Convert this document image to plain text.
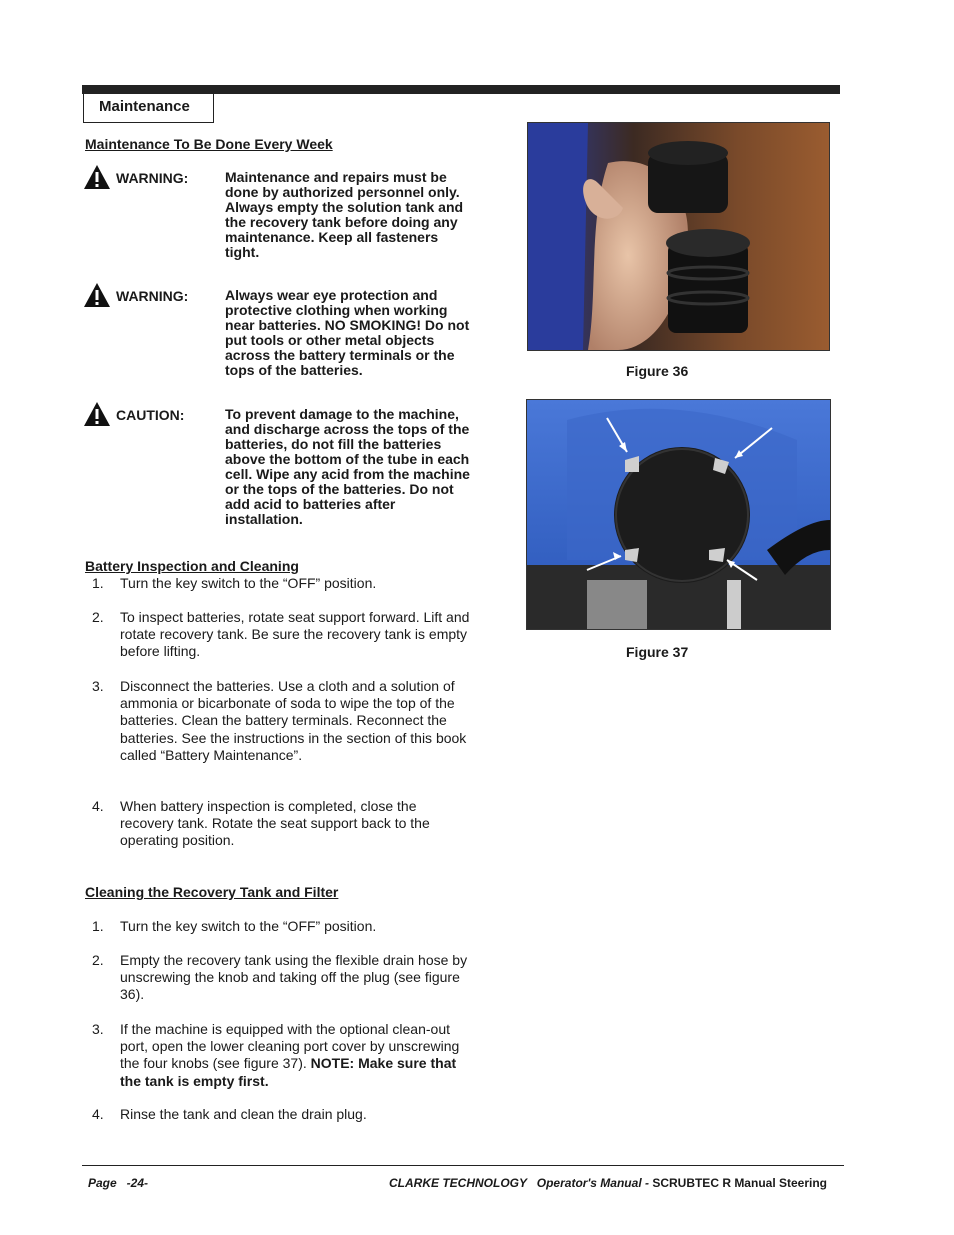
Maintenance
Maintenance To Be Done Every Week
WARNING:	Maintenance and repairs must be done by authorized personnel only. Always empty the solution tank and the recovery tank before doing any maintenance. Keep all fasteners tight.
WARNING:	Always wear eye protection and protective clothing when working near batteries. NO SMOKING! Do not put tools or other metal objects across the battery terminals or the tops of the batteries.
CAUTION:	To prevent damage to the machine, and discharge across the tops of the batteries, do not fill the batteries above the bottom of the tube in each cell. Wipe any acid from the machine or the tops of the batteries. Do not add acid to batteries after installation.
Battery Inspection and Cleaning
1. Turn the key switch to the “OFF” position.
2. To inspect batteries, rotate seat support forward. Lift and rotate recovery tank. Be sure the recovery tank is empty before lifting.
3. Disconnect the batteries. Use a cloth and a solution of ammonia or bicarbonate of soda to wipe the top of the batteries. Clean the battery terminals. Reconnect the batteries. See the instructions in the section of this book called “Battery Maintenance”.
4. When battery inspection is completed, close the recovery tank. Rotate the seat support back to the operating position.
Cleaning the Recovery Tank and Filter
1. Turn the key switch to the “OFF” position.
2. Empty the recovery tank using the flexible drain hose by unscrewing the knob and taking off the plug (see figure 36).
3. If the machine is equipped with the optional clean-out port, open the lower cleaning port cover by unscrewing the four knobs (see figure 37). NOTE: Make sure that the tank is empty first.
4. Rinse the tank and clean the drain plug.
Figure 36
Figure 37
Page   -24-	CLARKE TECHNOLOGY   Operator's Manual - SCRUBTEC R Manual Steering
